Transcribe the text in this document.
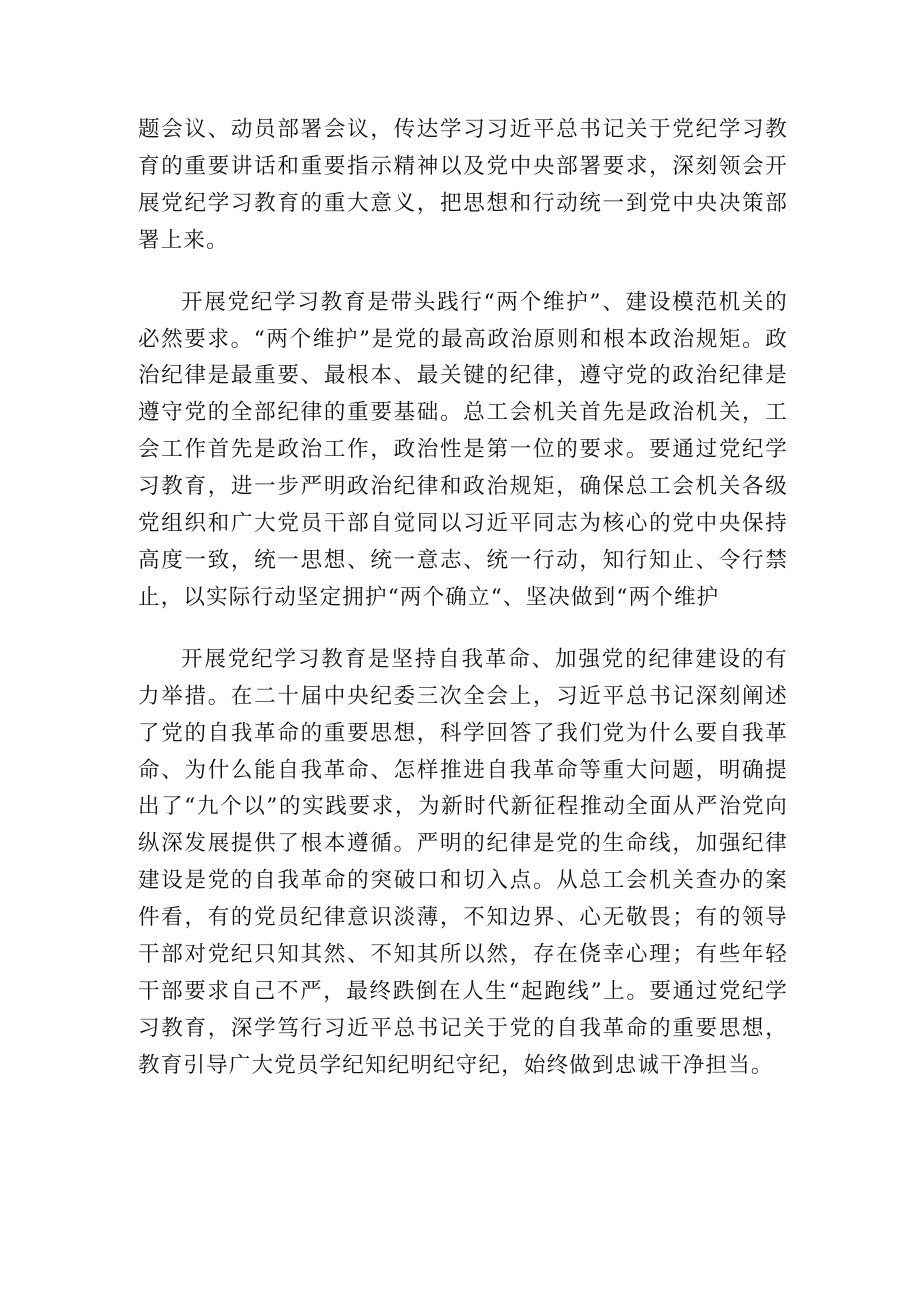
题会议、动员部署会议，传达学习习近平总书记关于党纪学习教育的重要讲话和重要指示精神以及党中央部署要求，深刻领会开展党纪学习教育的重大意义，把思想和行动统一到党中央决策部署上来。

开展党纪学习教育是带头践行“两个维护”、建设模范机关的必然要求。“两个维护”是党的最高政治原则和根本政治规矩。政治纪律是最重要、最根本、最关键的纪律，遵守党的政治纪律是遵守党的全部纪律的重要基础。总工会机关首先是政治机关，工会工作首先是政治工作，政治性是第一位的要求。要通过党纪学习教育，进一步严明政治纪律和政治规矩，确保总工会机关各级党组织和广大党员干部自觉同以习近平同志为核心的党中央保持高度一致，统一思想、统一意志、统一行动，知行知止、令行禁止，以实际行动坚定拥护“两个确立“、坚决做到“两个维护

开展党纪学习教育是坚持自我革命、加强党的纪律建设的有力举措。在二十届中央纪委三次全会上，习近平总书记深刻阐述了党的自我革命的重要思想，科学回答了我们党为什么要自我革命、为什么能自我革命、怎样推进自我革命等重大问题，明确提出了“九个以”的实践要求，为新时代新征程推动全面从严治党向纵深发展提供了根本遵循。严明的纪律是党的生命线，加强纪律建设是党的自我革命的突破口和切入点。从总工会机关查办的案件看，有的党员纪律意识淡薄，不知边界、心无敬畏；有的领导干部对党纪只知其然、不知其所以然，存在侥幸心理；有些年轻干部要求自己不严，最终跌倒在人生“起跑线”上。要通过党纪学习教育，深学笃行习近平总书记关于党的自我革命的重要思想，教育引导广大党员学纪知纪明纪守纪，始终做到忠诚干净担当。
